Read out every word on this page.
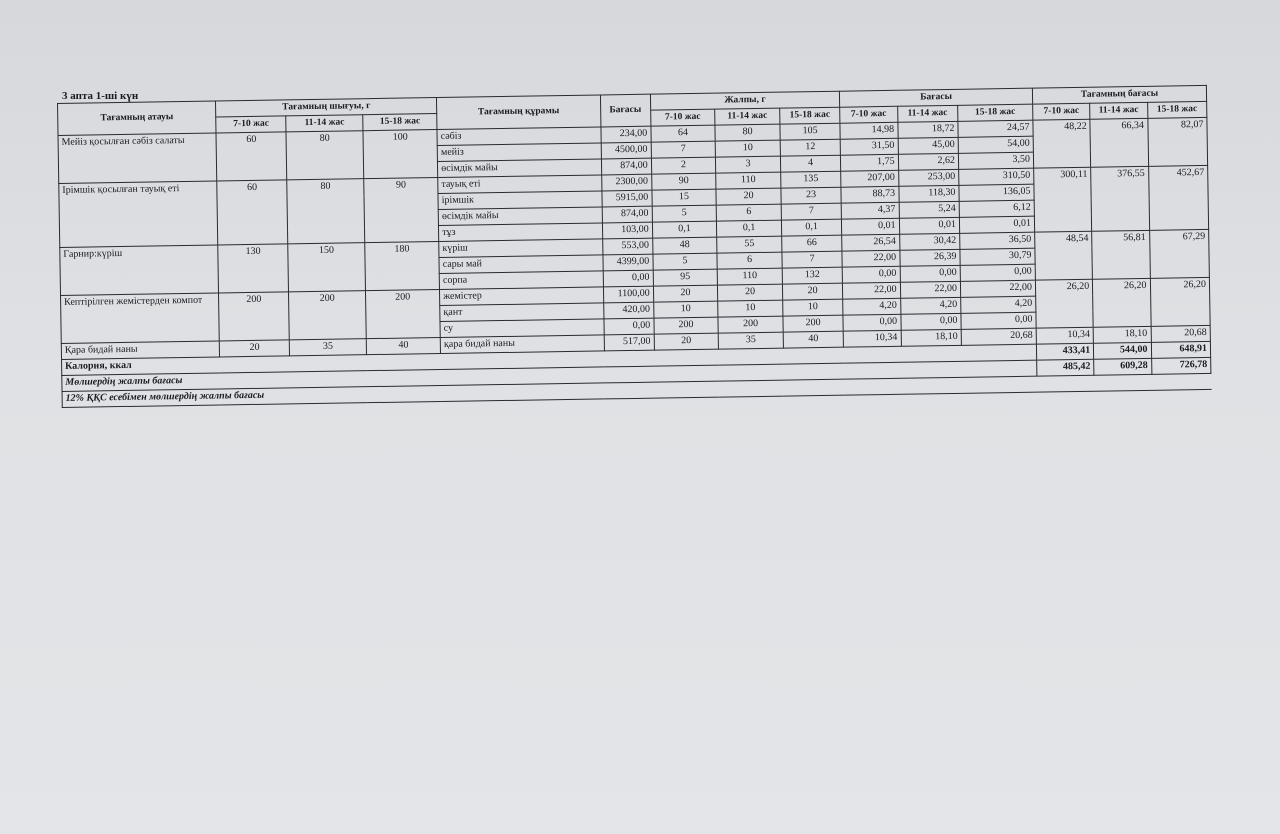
3 апта 1-ші күн
Тағамның атауы	Тағамның шығуы, г			Тағамның құрамы	Бағасы	Жалпы, г			Бағасы			Тағамның бағасы		
	7-10 жас	11-14 жас	15-18 жас			7-10 жас	11-14 жас	15-18 жас	7-10 жас	11-14 жас	15-18 жас	7-10 жас	11-14 жас	15-18 жас
Мейіз қосылған сәбіз салаты	60	80	100	сәбіз	234,00	64	80	105	14,98	18,72	24,57	48,22	66,34	82,07
				мейіз	4500,00	7	10	12	31,50	45,00	54,00			
				өсімдік майы	874,00	2	3	4	1,75	2,62	3,50			
Ірімшік қосылған тауық еті	60	80	90	тауық еті	2300,00	90	110	135	207,00	253,00	310,50	300,11	376,55	452,67
				ірімшік	5915,00	15	20	23	88,73	118,30	136,05			
				өсімдік майы	874,00	5	6	7	4,37	5,24	6,12			
				тұз	103,00	0,1	0,1	0,1	0,01	0,01	0,01			
Гарнир:күріш	130	150	180	күріш	553,00	48	55	66	26,54	30,42	36,50	48,54	56,81	67,29
				сары май	4399,00	5	6	7	22,00	26,39	30,79			
				сорпа	0,00	95	110	132	0,00	0,00	0,00			
Кептірілген жемістерден компот	200	200	200	жемістер	1100,00	20	20	20	22,00	22,00	22,00	26,20	26,20	26,20
				қант	420,00	10	10	10	4,20	4,20	4,20			
				су	0,00	200	200	200	0,00	0,00	0,00			
Қара бидай наны	20	35	40	қара бидай наны	517,00	20	35	40	10,34	18,10	20,68	10,34	18,10	20,68
Калория, ккал												433,41	544,00	648,91
Мөлшердің жалпы бағасы												485,42	609,28	726,78
12% ҚҚС есебімен мөлшердің жалпы бағасы														
